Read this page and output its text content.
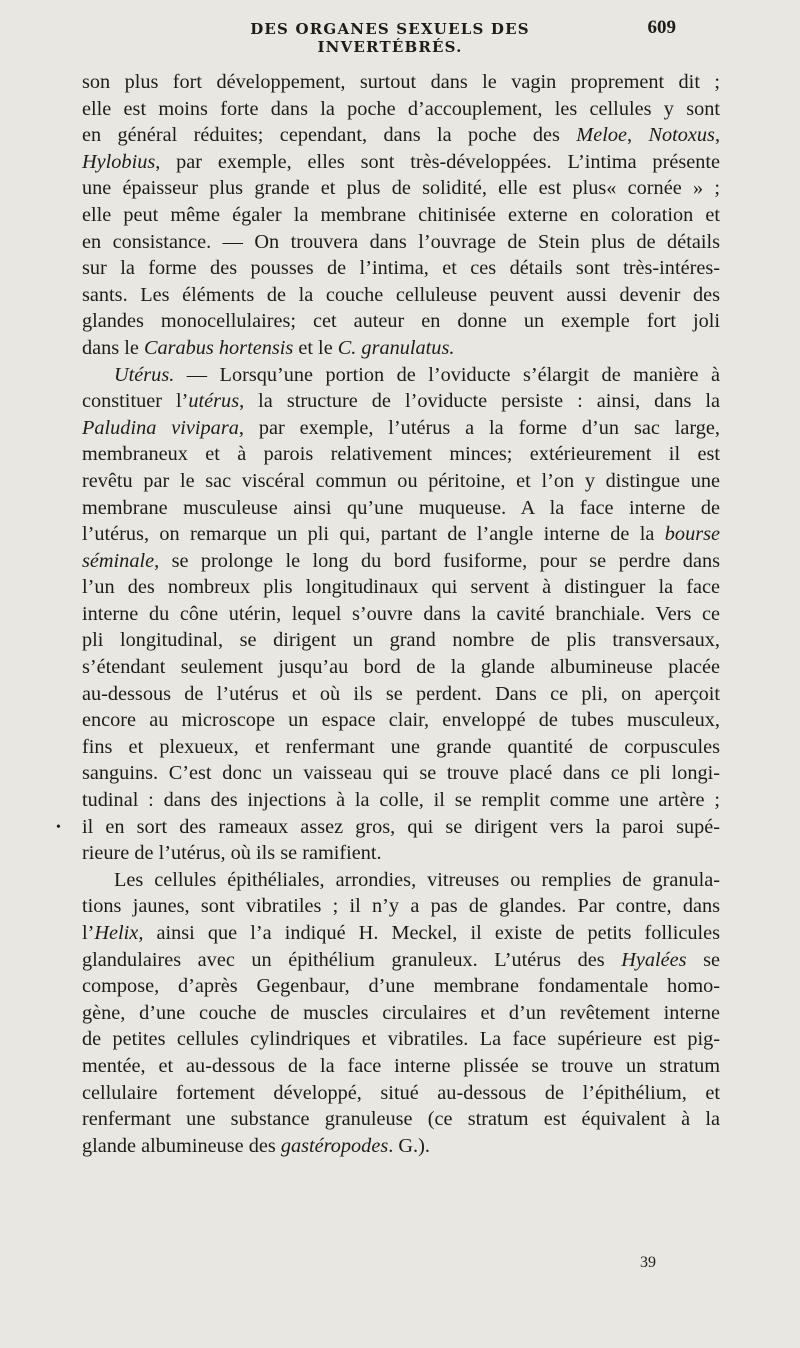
DES ORGANES SEXUELS DES INVERTÉBRÉS.
609
•
son plus fort développement, surtout dans le vagin proprement dit ;
elle est moins forte dans la poche d’accouplement, les cellules y sont
en général réduites; cependant, dans la poche des Meloe, Notoxus,
Hylobius, par exemple, elles sont très-développées. L’intima présente
une épaisseur plus grande et plus de solidité, elle est plus« cornée » ;
elle peut même égaler la membrane chitinisée externe en coloration et
en consistance. — On trouvera dans l’ouvrage de Stein plus de détails
sur la forme des pousses de l’intima, et ces détails sont très-intéres-
sants. Les éléments de la couche celluleuse peuvent aussi devenir des
glandes monocellulaires; cet auteur en donne un exemple fort joli
dans le Carabus hortensis et le C. granulatus.
Utérus. — Lorsqu’une portion de l’oviducte s’élargit de manière à
constituer l’utérus, la structure de l’oviducte persiste : ainsi, dans la
Paludina vivipara, par exemple, l’utérus a la forme d’un sac large,
membraneux et à parois relativement minces; extérieurement il est
revêtu par le sac viscéral commun ou péritoine, et l’on y distingue une
membrane musculeuse ainsi qu’une muqueuse. A la face interne de
l’utérus, on remarque un pli qui, partant de l’angle interne de la bourse
séminale, se prolonge le long du bord fusiforme, pour se perdre dans
l’un des nombreux plis longitudinaux qui servent à distinguer la face
interne du cône utérin, lequel s’ouvre dans la cavité branchiale. Vers ce
pli longitudinal, se dirigent un grand nombre de plis transversaux,
s’étendant seulement jusqu’au bord de la glande albumineuse placée
au-dessous de l’utérus et où ils se perdent. Dans ce pli, on aperçoit
encore au microscope un espace clair, enveloppé de tubes musculeux,
fins et plexueux, et renfermant une grande quantité de corpuscules
sanguins. C’est donc un vaisseau qui se trouve placé dans ce pli longi-
tudinal : dans des injections à la colle, il se remplit comme une artère ;
il en sort des rameaux assez gros, qui se dirigent vers la paroi supé-
rieure de l’utérus, où ils se ramifient.
Les cellules épithéliales, arrondies, vitreuses ou remplies de granula-
tions jaunes, sont vibratiles ; il n’y a pas de glandes. Par contre, dans
l’Helix, ainsi que l’a indiqué H. Meckel, il existe de petits follicules
glandulaires avec un épithélium granuleux. L’utérus des Hyalées se
compose, d’après Gegenbaur, d’une membrane fondamentale homo-
gène, d’une couche de muscles circulaires et d’un revêtement interne
de petites cellules cylindriques et vibratiles. La face supérieure est pig-
mentée, et au-dessous de la face interne plissée se trouve un stratum
cellulaire fortement développé, situé au-dessous de l’épithélium, et
renfermant une substance granuleuse (ce stratum est équivalent à la
glande albumineuse des gastéropodes. G.).
39
